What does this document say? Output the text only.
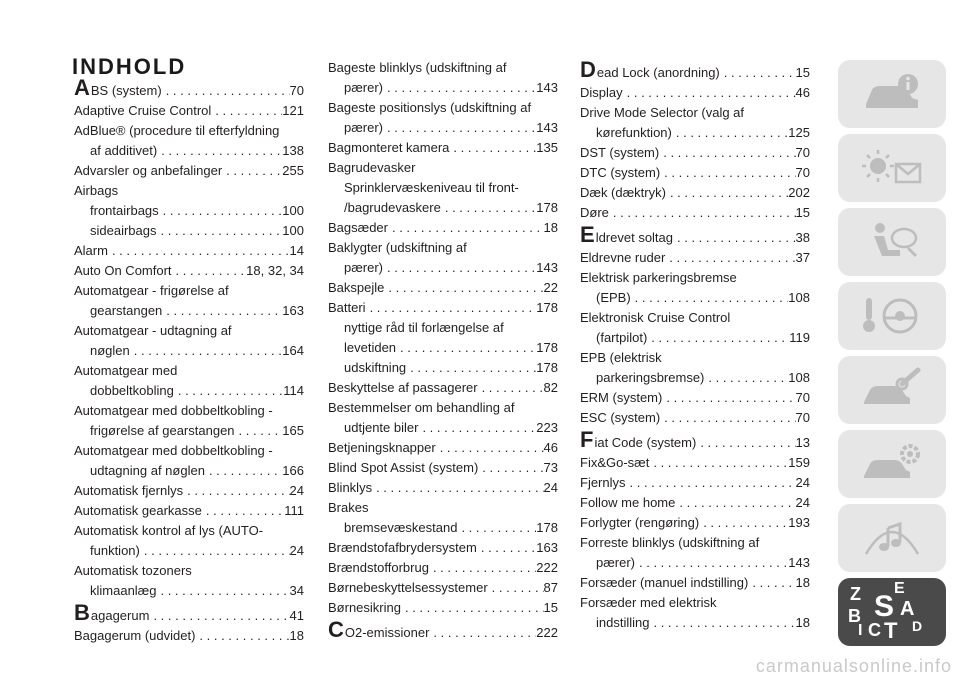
INDHOLD
A BS (system) . . .	70
Adaptive Cruise Control . . .	121
AdBlue® (procedure til efterfyldning
af additivet) . . .	138
Advarsler og anbefalinger . . .	255
Airbags
frontairbags . . .	100
sideairbags . . .	100
Alarm . . .	14
Auto On Comfort . . .	18, 32, 34
Automatgear - frigørelse af
gearstangen . . .	163
Automatgear - udtagning af
nøglen . . .	164
Automatgear med
dobbeltkobling . . .	114
Automatgear med dobbeltkobling -
frigørelse af gearstangen . . .	165
Automatgear med dobbeltkobling -
udtagning af nøglen . . .	166
Automatisk fjernlys . . .	24
Automatisk gearkasse . . .	111
Automatisk kontrol af lys (AUTO-
funktion) . . .	24
Automatisk tozoners
klimaanlæg . . .	34
B agagerum . . .	41
Bagagerum (udvidet) . . .	18
Bageste blinklys (udskiftning af
pærer) . . .	143
Bageste positionslys (udskiftning af
pærer) . . .	143
Bagmonteret kamera . . .	135
Bagrudevasker
Sprinklervæskeniveau til front-
/bagrudevaskere . . .	178
Bagsæder . . .	18
Baklygter (udskiftning af
pærer) . . .	143
Bakspejle . . .	22
Batteri . . .	178
nyttige råd til forlængelse af
levetiden . . .	178
udskiftning . . .	178
Beskyttelse af passagerer . . .	82
Bestemmelser om behandling af
udtjente biler . . .	223
Betjeningsknapper . . .	46
Blind Spot Assist (system) . . .	73
Blinklys . . .	24
Brakes
bremsevæskestand . . .	178
Brændstofafbrydersystem . . .	163
Brændstofforbrug . . .	222
Børnebeskyttelsessystemer . . .	87
Børnesikring . . .	15
C O2-emissioner . . .	222
D ead Lock (anordning) . . .	15
Display . . .	46
Drive Mode Selector (valg af
kørefunktion) . . .	125
DST (system) . . .	70
DTC (system) . . .	70
Dæk (dæktryk) . . .	202
Døre . . .	15
E ldrevet soltag . . .	38
Eldrevne ruder . . .	37
Elektrisk parkeringsbremse
(EPB) . . .	108
Elektronisk Cruise Control
(fartpilot) . . .	119
EPB (elektrisk
parkeringsbremse) . . .	108
ERM (system) . . .	70
ESC (system) . . .	70
F iat Code (system) . . .	13
Fix&Go-sæt . . .	159
Fjernlys . . .	24
Follow me home . . .	24
Forlygter (rengøring) . . .	193
Forreste blinklys (udskiftning af
pærer) . . .	143
Forsæder (manuel indstilling) . . .	18
Forsæder med elektrisk
indstilling . . .	18
Z E
S
B A
I C T D
carmanualsonline.info
